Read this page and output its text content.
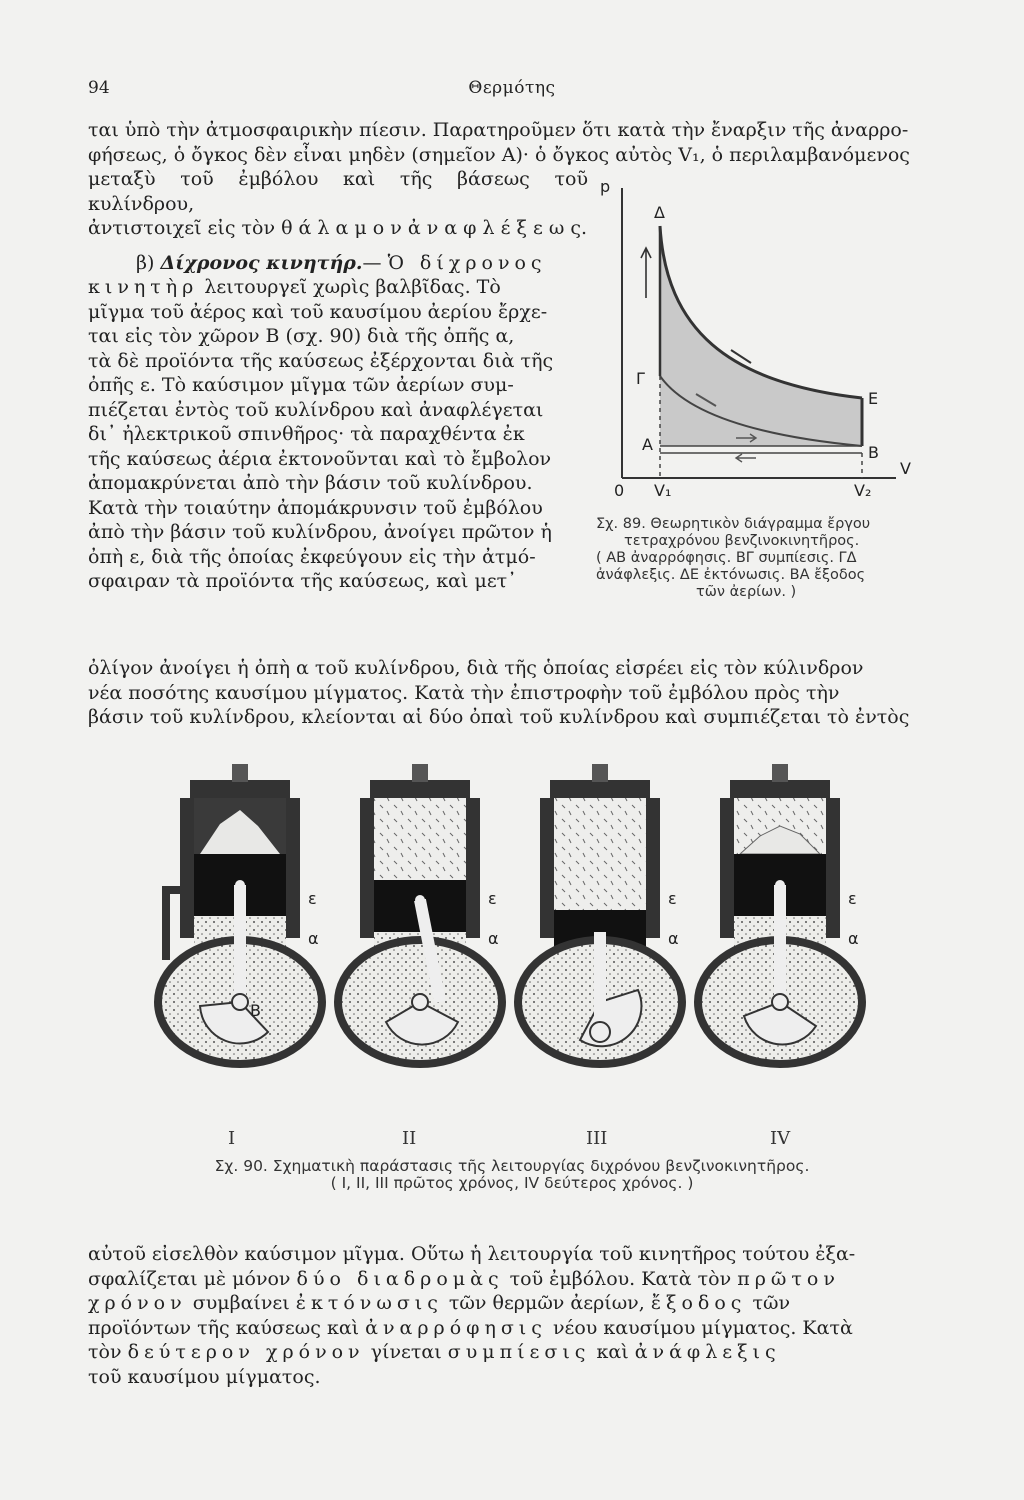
94	Θερμότης

ται ὑπὸ τὴν ἀτμοσφαιρικὴν πίεσιν. Παρατηροῦμεν ὅτι κατὰ τὴν ἔναρξιν τῆς ἀναρρο-

φήσεως, ὁ ὄγκος δὲν εἶναι μηδὲν (σημεῖον Α)· ὁ ὄγκος αὐτὸς V₁, ὁ περιλαμβανόμενος

μεταξὺ τοῦ ἐμβόλου καὶ τῆς βάσεως τοῦ κυλίνδρου,

ἀντιστοιχεῖ εἰς τὸν θ ά λ α μ ο ν ἀ ν α φ λ έ ξ ε ω ς.

β) Δίχρονος κινητήρ.— Ὁ δίχρονος

κινητὴρ λειτουργεῖ χωρὶς βαλβῖδας. Τὸ

μῖγμα τοῦ ἀέρος καὶ τοῦ καυσίμου ἀερίου ἔρχε-

ται εἰς τὸν χῶρον Β (σχ. 90) διὰ τῆς ὀπῆς α,

τὰ δὲ προϊόντα τῆς καύσεως ἐξέρχονται διὰ τῆς

ὀπῆς ε. Τὸ καύσιμον μῖγμα τῶν ἀερίων συμ-

πιέζεται ἐντὸς τοῦ κυλίνδρου καὶ ἀναφλέγεται

δι᾽ ἠλεκτρικοῦ σπινθῆρος· τὰ παραχθέντα ἐκ

τῆς καύσεως ἀέρια ἐκτονοῦνται καὶ τὸ ἔμβολον

ἀπομακρύνεται ἀπὸ τὴν βάσιν τοῦ κυλίνδρου.

Κατὰ τὴν τοιαύτην ἀπομάκρυνσιν τοῦ ἐμβόλου

ἀπὸ τὴν βάσιν τοῦ κυλίνδρου, ἀνοίγει πρῶτον ἡ

ὀπὴ ε, διὰ τῆς ὁποίας ἐκφεύγουν εἰς τὴν ἀτμό-

σφαιραν τὰ προϊόντα τῆς καύσεως, καὶ μετ᾽

p
Δ
Γ
E
A	B
V
0 V₁	V₂
Σχ. 89. Θεωρητικὸν διάγραμμα ἔργου
τετραχρόνου βενζινοκινητῆρος.
( ΑΒ ἀναρρόφησις. ΒΓ συμπίεσις. ΓΔ
ἀνάφλεξις. ΔΕ ἐκτόνωσις. ΒΑ ἔξοδος
τῶν ἀερίων. )

ὀλίγον ἀνοίγει ἡ ὀπὴ α τοῦ κυλίνδρου, διὰ τῆς ὁποίας εἰσρέει εἰς τὸν κύλινδρον

νέα ποσότης καυσίμου μίγματος. Κατὰ τὴν ἐπιστροφὴν τοῦ ἐμβόλου πρὸς τὴν

βάσιν τοῦ κυλίνδρου, κλείονται αἱ δύο ὀπαὶ τοῦ κυλίνδρου καὶ συμπιέζεται τὸ ἐντὸς

ε
α
B
ε
α
ε
α
ε
α
I	II	III	IV
Σχ. 90. Σχηματικὴ παράστασις τῆς λειτουργίας διχρόνου βενζινοκινητῆρος.
( I, II, III πρῶτος χρόνος, IV δεύτερος χρόνος. )

αὐτοῦ εἰσελθὸν καύσιμον μῖγμα. Οὕτω ἡ λειτουργία τοῦ κινητῆρος τούτου ἐξα-

σφαλίζεται μὲ μόνον δύο διαδρομὰς τοῦ ἐμβόλου. Κατὰ τὸν πρῶτον

χρόνον συμβαίνει ἐκτόνωσις τῶν θερμῶν ἀερίων, ἔξοδος τῶν

προϊόντων τῆς καύσεως καὶ ἀναρρόφησις νέου καυσίμου μίγματος. Κατὰ

τὸν δεύτερον χρόνον γίνεται συμπίεσις καὶ ἀνάφλεξις

τοῦ καυσίμου μίγματος.
